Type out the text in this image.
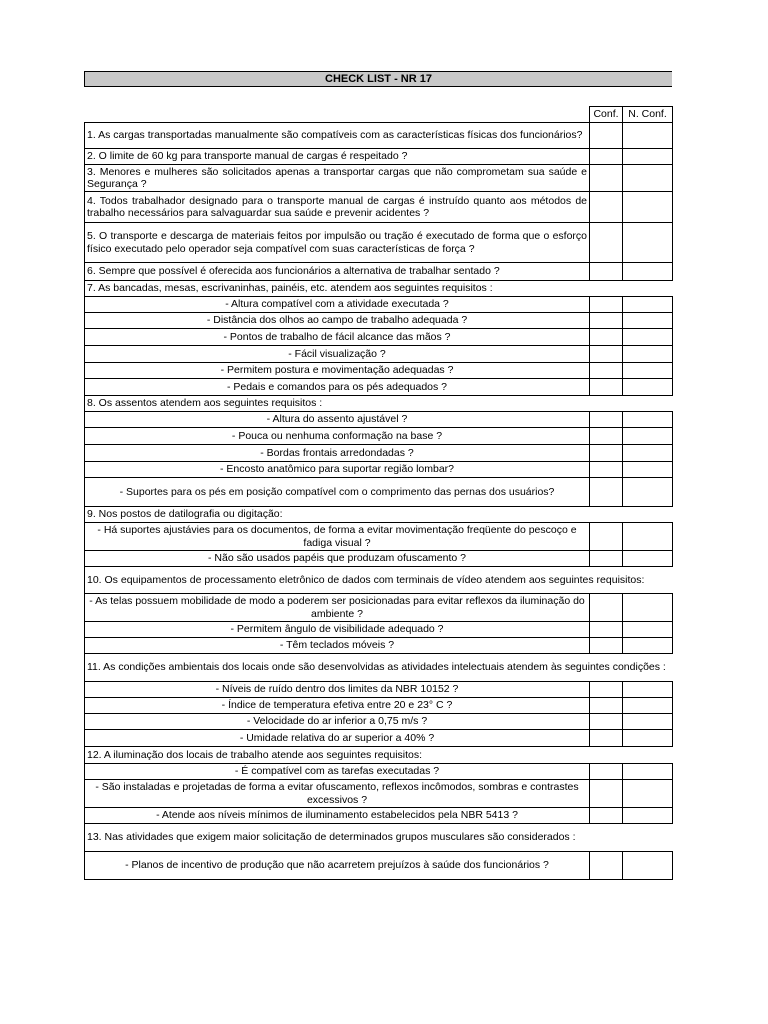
CHECK LIST - NR 17
	Conf.	N. Conf.
1. As cargas transportadas manualmente são compatíveis com as características físicas dos funcionários?		
2. O limite de 60 kg para transporte manual de cargas é respeitado ?		
3. Menores e mulheres são solicitados apenas a transportar cargas que não comprometam sua saúde e Segurança ?		
4. Todos trabalhador designado para o transporte manual de cargas é instruído quanto aos métodos de trabalho necessários para salvaguardar sua saúde e prevenir acidentes ?		
5. O transporte e descarga de materiais feitos por impulsão ou tração é executado de forma que o esforço físico executado pelo operador seja compatível com suas características de força ?		
6. Sempre que possível é oferecida aos funcionários a alternativa de trabalhar sentado ?		
7. As bancadas, mesas, escrivaninhas, painéis, etc. atendem aos seguintes requisitos :		
- Altura compatível com a atividade executada ?		
- Distância dos olhos ao campo de trabalho adequada ?		
- Pontos de trabalho de fácil alcance das mãos ?		
- Fácil visualização ?		
- Permitem postura e movimentação adequadas ?		
- Pedais e comandos para os pés adequados ?		
8. Os assentos atendem aos seguintes requisitos :		
- Altura do assento ajustável ?		
- Pouca ou nenhuma conformação na base ?		
- Bordas frontais arredondadas ?		
- Encosto anatômico para suportar região lombar?		
- Suportes para os pés em posição compatível com o comprimento das pernas dos usuários?		
9. Nos postos de datilografia ou digitação:		
- Há suportes ajustávies para os documentos, de forma a evitar movimentação freqüente do pescoço e fadiga visual ?		
- Não são usados papéis que produzam ofuscamento ?		
10. Os equipamentos de processamento eletrônico de dados com terminais de vídeo atendem aos seguintes requisitos:		
- As telas possuem mobilidade de modo a poderem ser posicionadas para evitar reflexos da iluminação do ambiente ?		
- Permitem ângulo de visibilidade adequado ?		
- Têm teclados móveis ?		
11. As condições ambientais dos locais onde são desenvolvidas as atividades intelectuais atendem às seguintes condições :		
- Níveis de ruído dentro dos limites da NBR 10152 ?		
- Índice de temperatura efetiva entre 20 e 23° C ?		
- Velocidade do ar inferior a 0,75 m/s ?		
- Umidade relativa do ar superior a 40% ?		
12. A iluminação dos locais de trabalho atende aos seguintes requisitos:		
- É compatível com as tarefas executadas ?		
- São instaladas e projetadas de forma a evitar ofuscamento, reflexos incômodos, sombras e contrastes excessivos ?		
- Atende aos níveis mínimos de iluminamento estabelecidos pela NBR 5413 ?		
13. Nas atividades que exigem maior solicitação de determinados grupos musculares são considerados :		
- Planos de incentivo de produção que não acarretem prejuízos à saúde dos funcionários ?		
